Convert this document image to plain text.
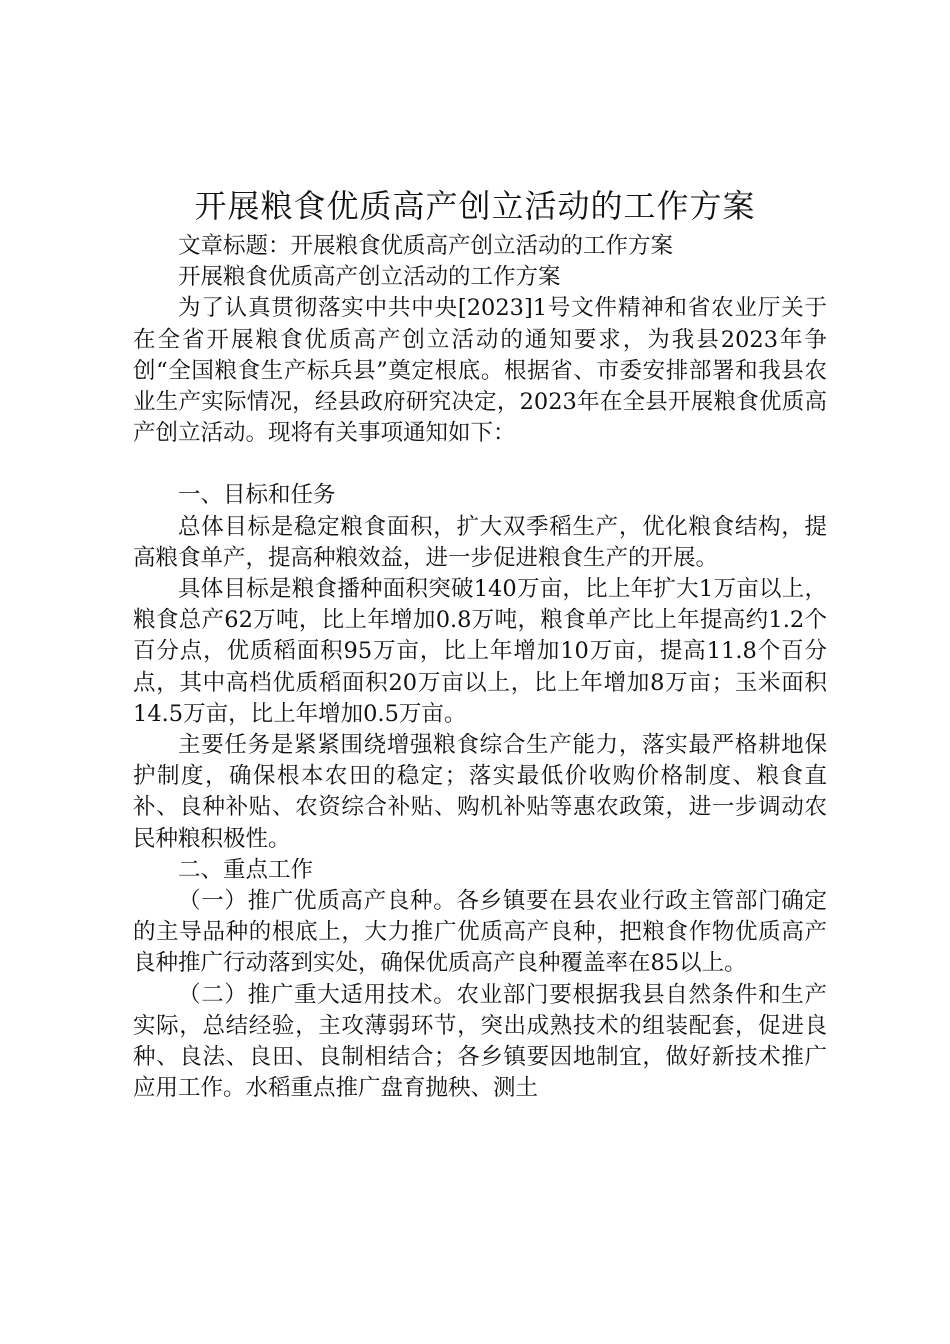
开展粮食优质高产创立活动的工作方案

文章标题：开展粮食优质高产创立活动的工作方案

开展粮食优质高产创立活动的工作方案

为了认真贯彻落实中共中央[2023]1号文件精神和省农业厅关于在全省开展粮食优质高产创立活动的通知要求，为我县2023年争创“全国粮食生产标兵县”奠定根底。根据省、市委安排部署和我县农业生产实际情况，经县政府研究决定，2023年在全县开展粮食优质高产创立活动。现将有关事项通知如下：

一、目标和任务

总体目标是稳定粮食面积，扩大双季稻生产，优化粮食结构，提高粮食单产，提高种粮效益，进一步促进粮食生产的开展。

具体目标是粮食播种面积突破140万亩，比上年扩大1万亩以上，粮食总产62万吨，比上年增加0.8万吨，粮食单产比上年提高约1.2个百分点，优质稻面积95万亩，比上年增加10万亩，提高11.8个百分点，其中高档优质稻面积20万亩以上，比上年增加8万亩；玉米面积14.5万亩，比上年增加0.5万亩。

主要任务是紧紧围绕增强粮食综合生产能力，落实最严格耕地保护制度，确保根本农田的稳定；落实最低价收购价格制度、粮食直补、良种补贴、农资综合补贴、购机补贴等惠农政策，进一步调动农民种粮积极性。

二、重点工作

（一）推广优质高产良种。各乡镇要在县农业行政主管部门确定的主导品种的根底上，大力推广优质高产良种，把粮食作物优质高产良种推广行动落到实处，确保优质高产良种覆盖率在85以上。

（二）推广重大适用技术。农业部门要根据我县自然条件和生产实际，总结经验，主攻薄弱环节，突出成熟技术的组装配套，促进良种、良法、良田、良制相结合；各乡镇要因地制宜，做好新技术推广应用工作。水稻重点推广盘育抛秧、测土
